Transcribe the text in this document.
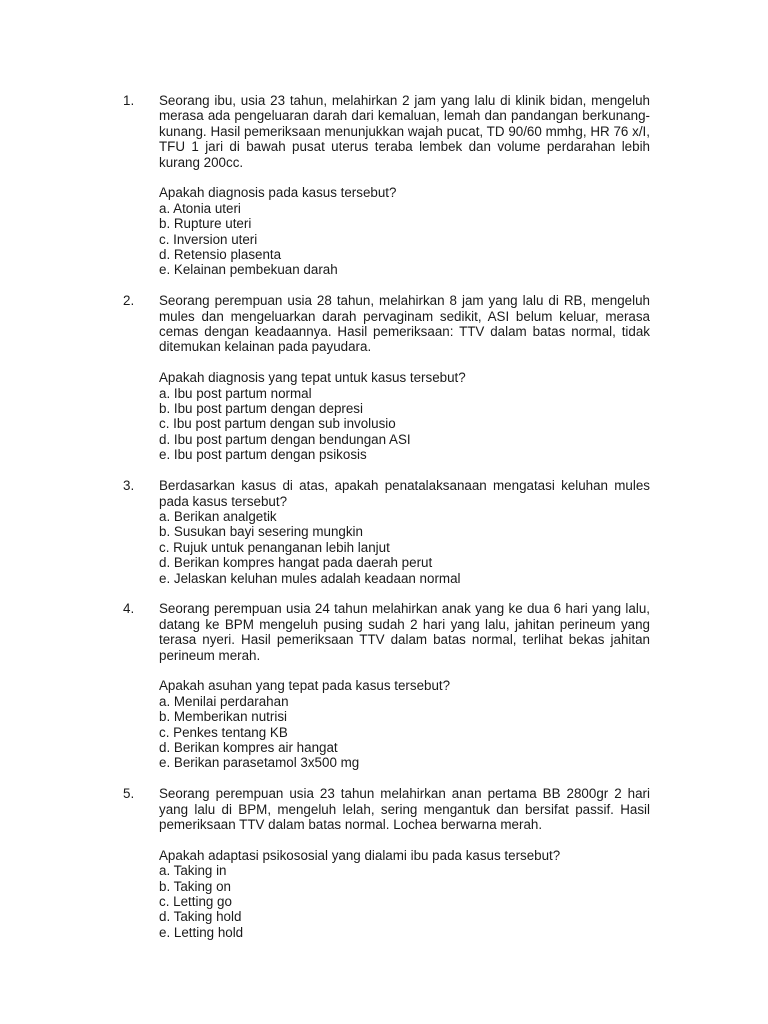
1. Seorang ibu, usia 23 tahun, melahirkan 2 jam yang lalu di klinik bidan, mengeluh merasa ada pengeluaran darah dari kemaluan, lemah dan pandangan berkunang-kunang. Hasil pemeriksaan menunjukkan wajah pucat, TD 90/60 mmhg, HR 76 x/I, TFU 1 jari di bawah pusat uterus teraba lembek dan volume perdarahan lebih kurang 200cc.

Apakah diagnosis pada kasus tersebut?

a. Atonia uteri
b. Rupture uteri
c. Inversion uteri
d. Retensio plasenta
e. Kelainan pembekuan darah
2. Seorang perempuan usia 28 tahun, melahirkan 8 jam yang lalu di RB, mengeluh mules dan mengeluarkan darah pervaginam sedikit, ASI belum keluar, merasa cemas dengan keadaannya. Hasil pemeriksaan: TTV dalam batas normal, tidak ditemukan kelainan pada payudara.

Apakah diagnosis yang tepat untuk kasus tersebut?

a. Ibu post partum normal
b. Ibu post partum dengan depresi
c. Ibu post partum dengan sub involusio
d. Ibu post partum dengan bendungan ASI
e. Ibu post partum dengan psikosis
3. Berdasarkan kasus di atas, apakah penatalaksanaan mengatasi keluhan mules pada kasus tersebut?

a. Berikan analgetik
b. Susukan bayi sesering mungkin
c. Rujuk untuk penanganan lebih lanjut
d. Berikan kompres hangat pada daerah perut
e. Jelaskan keluhan mules adalah keadaan normal
4. Seorang perempuan usia 24 tahun melahirkan anak yang ke dua 6 hari yang lalu, datang ke BPM mengeluh pusing sudah 2 hari yang lalu, jahitan perineum yang terasa nyeri. Hasil pemeriksaan TTV dalam batas normal, terlihat bekas jahitan perineum merah.

Apakah asuhan yang tepat pada kasus tersebut?

a. Menilai perdarahan
b. Memberikan nutrisi
c. Penkes tentang KB
d. Berikan kompres air hangat
e. Berikan parasetamol 3x500 mg
5. Seorang perempuan usia 23 tahun melahirkan anan pertama BB 2800gr 2 hari yang lalu di BPM, mengeluh lelah, sering mengantuk dan bersifat passif. Hasil pemeriksaan TTV dalam batas normal. Lochea berwarna merah.

Apakah adaptasi psikososial yang dialami ibu pada kasus tersebut?

a. Taking in
b. Taking on
c. Letting go
d. Taking hold
e. Letting hold
